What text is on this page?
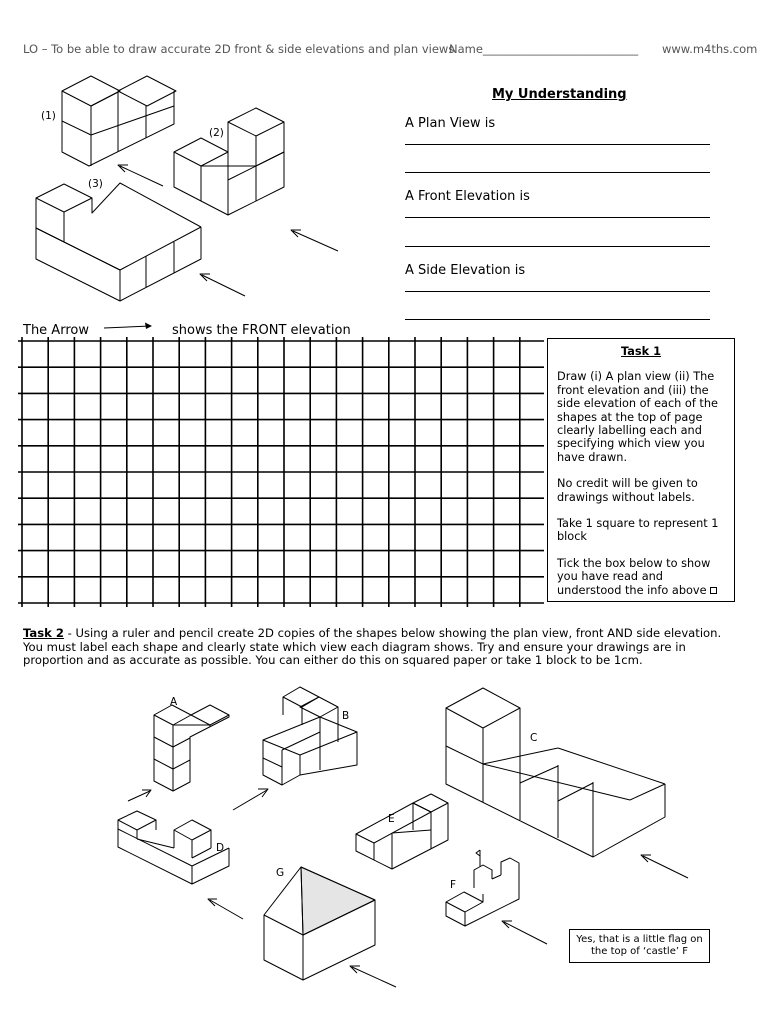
LO – To be able to draw accurate 2D front & side elevations and plan views
Name___________________________ www.m4ths.com
(1)
(2)
(3)
My Understanding
A Plan View is
A Front Elevation is
A Side Elevation is
The Arrow	shows the FRONT elevation
Task 1

Draw (i) A plan view (ii) The front elevation and (iii) the side elevation of each of the shapes at the top of page clearly labelling each and specifying which view you have drawn.

No credit will be given to drawings without labels.

Take 1 square to represent 1 block

Tick the box below to show you have read and understood the info above

Task 2 - Using a ruler and pencil create 2D copies of the shapes below showing the plan view, front AND side elevation. You must label each shape and clearly state which view each diagram shows. Try and ensure your drawings are in proportion and as accurate as possible. You can either do this on squared paper or take 1 block to be 1cm.
A
B
C
D
E
F
G
Yes, that is a little flag on the top of ‘castle’ F
